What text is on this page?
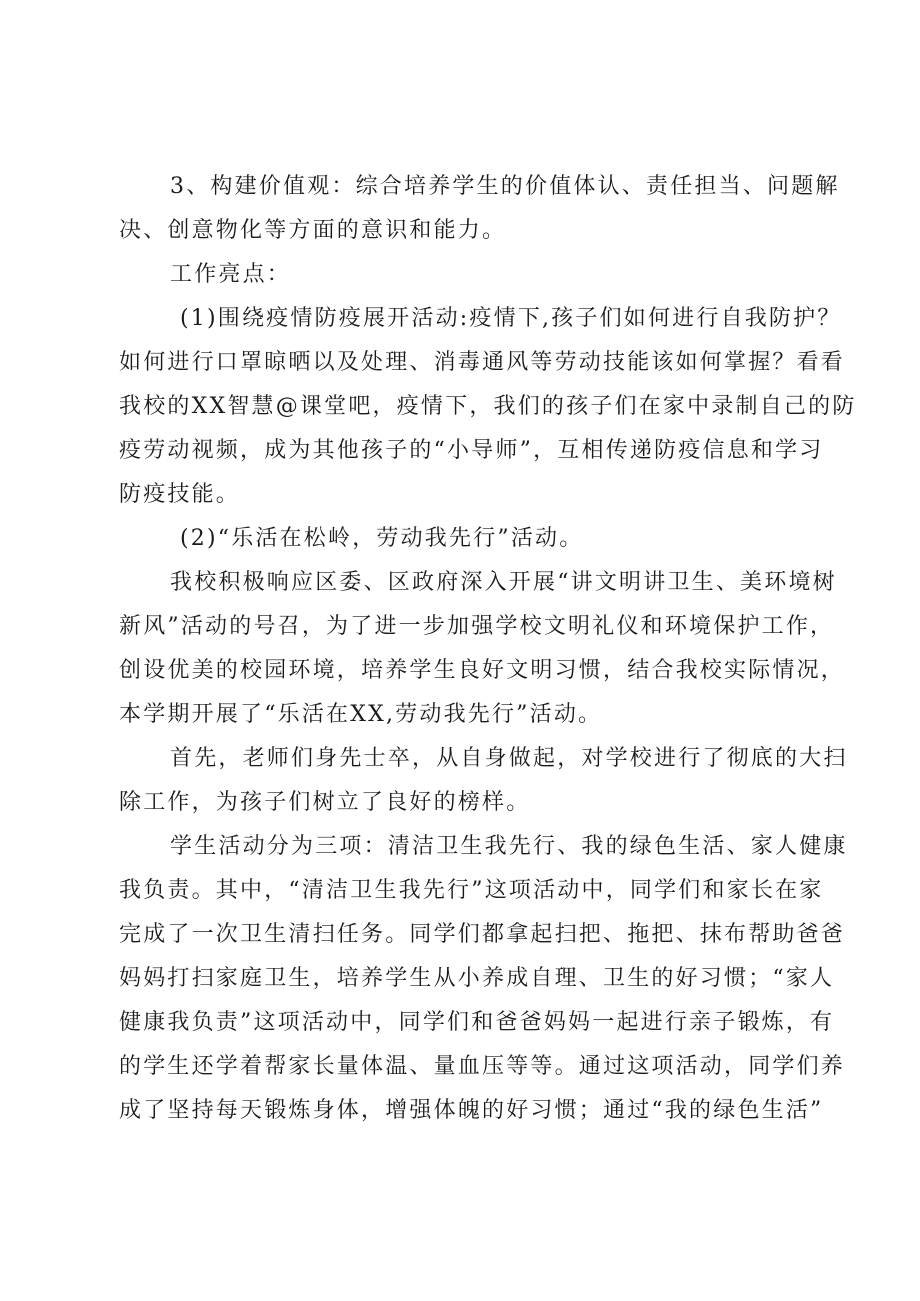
3、构建价值观：综合培养学生的价值体认、责任担当、问题解
决、创意物化等方面的意识和能力。
工作亮点：
(1)围绕疫情防疫展开活动:疫情下,孩子们如何进行自我防护？
如何进行口罩晾晒以及处理、消毒通风等劳动技能该如何掌握？看看
我校的XX智慧@课堂吧，疫情下，我们的孩子们在家中录制自己的防
疫劳动视频，成为其他孩子的“小导师”，互相传递防疫信息和学习
防疫技能。
(2)“乐活在松岭，劳动我先行”活动。
我校积极响应区委、区政府深入开展“讲文明讲卫生、美环境树
新风”活动的号召，为了进一步加强学校文明礼仪和环境保护工作，
创设优美的校园环境，培养学生良好文明习惯，结合我校实际情况，
本学期开展了“乐活在XX,劳动我先行”活动。
首先，老师们身先士卒，从自身做起，对学校进行了彻底的大扫
除工作，为孩子们树立了良好的榜样。
学生活动分为三项：清洁卫生我先行、我的绿色生活、家人健康
我负责。其中，“清洁卫生我先行”这项活动中，同学们和家长在家
完成了一次卫生清扫任务。同学们都拿起扫把、拖把、抹布帮助爸爸
妈妈打扫家庭卫生，培养学生从小养成自理、卫生的好习惯；“家人
健康我负责”这项活动中，同学们和爸爸妈妈一起进行亲子锻炼，有
的学生还学着帮家长量体温、量血压等等。通过这项活动，同学们养
成了坚持每天锻炼身体，增强体魄的好习惯；通过“我的绿色生活”
